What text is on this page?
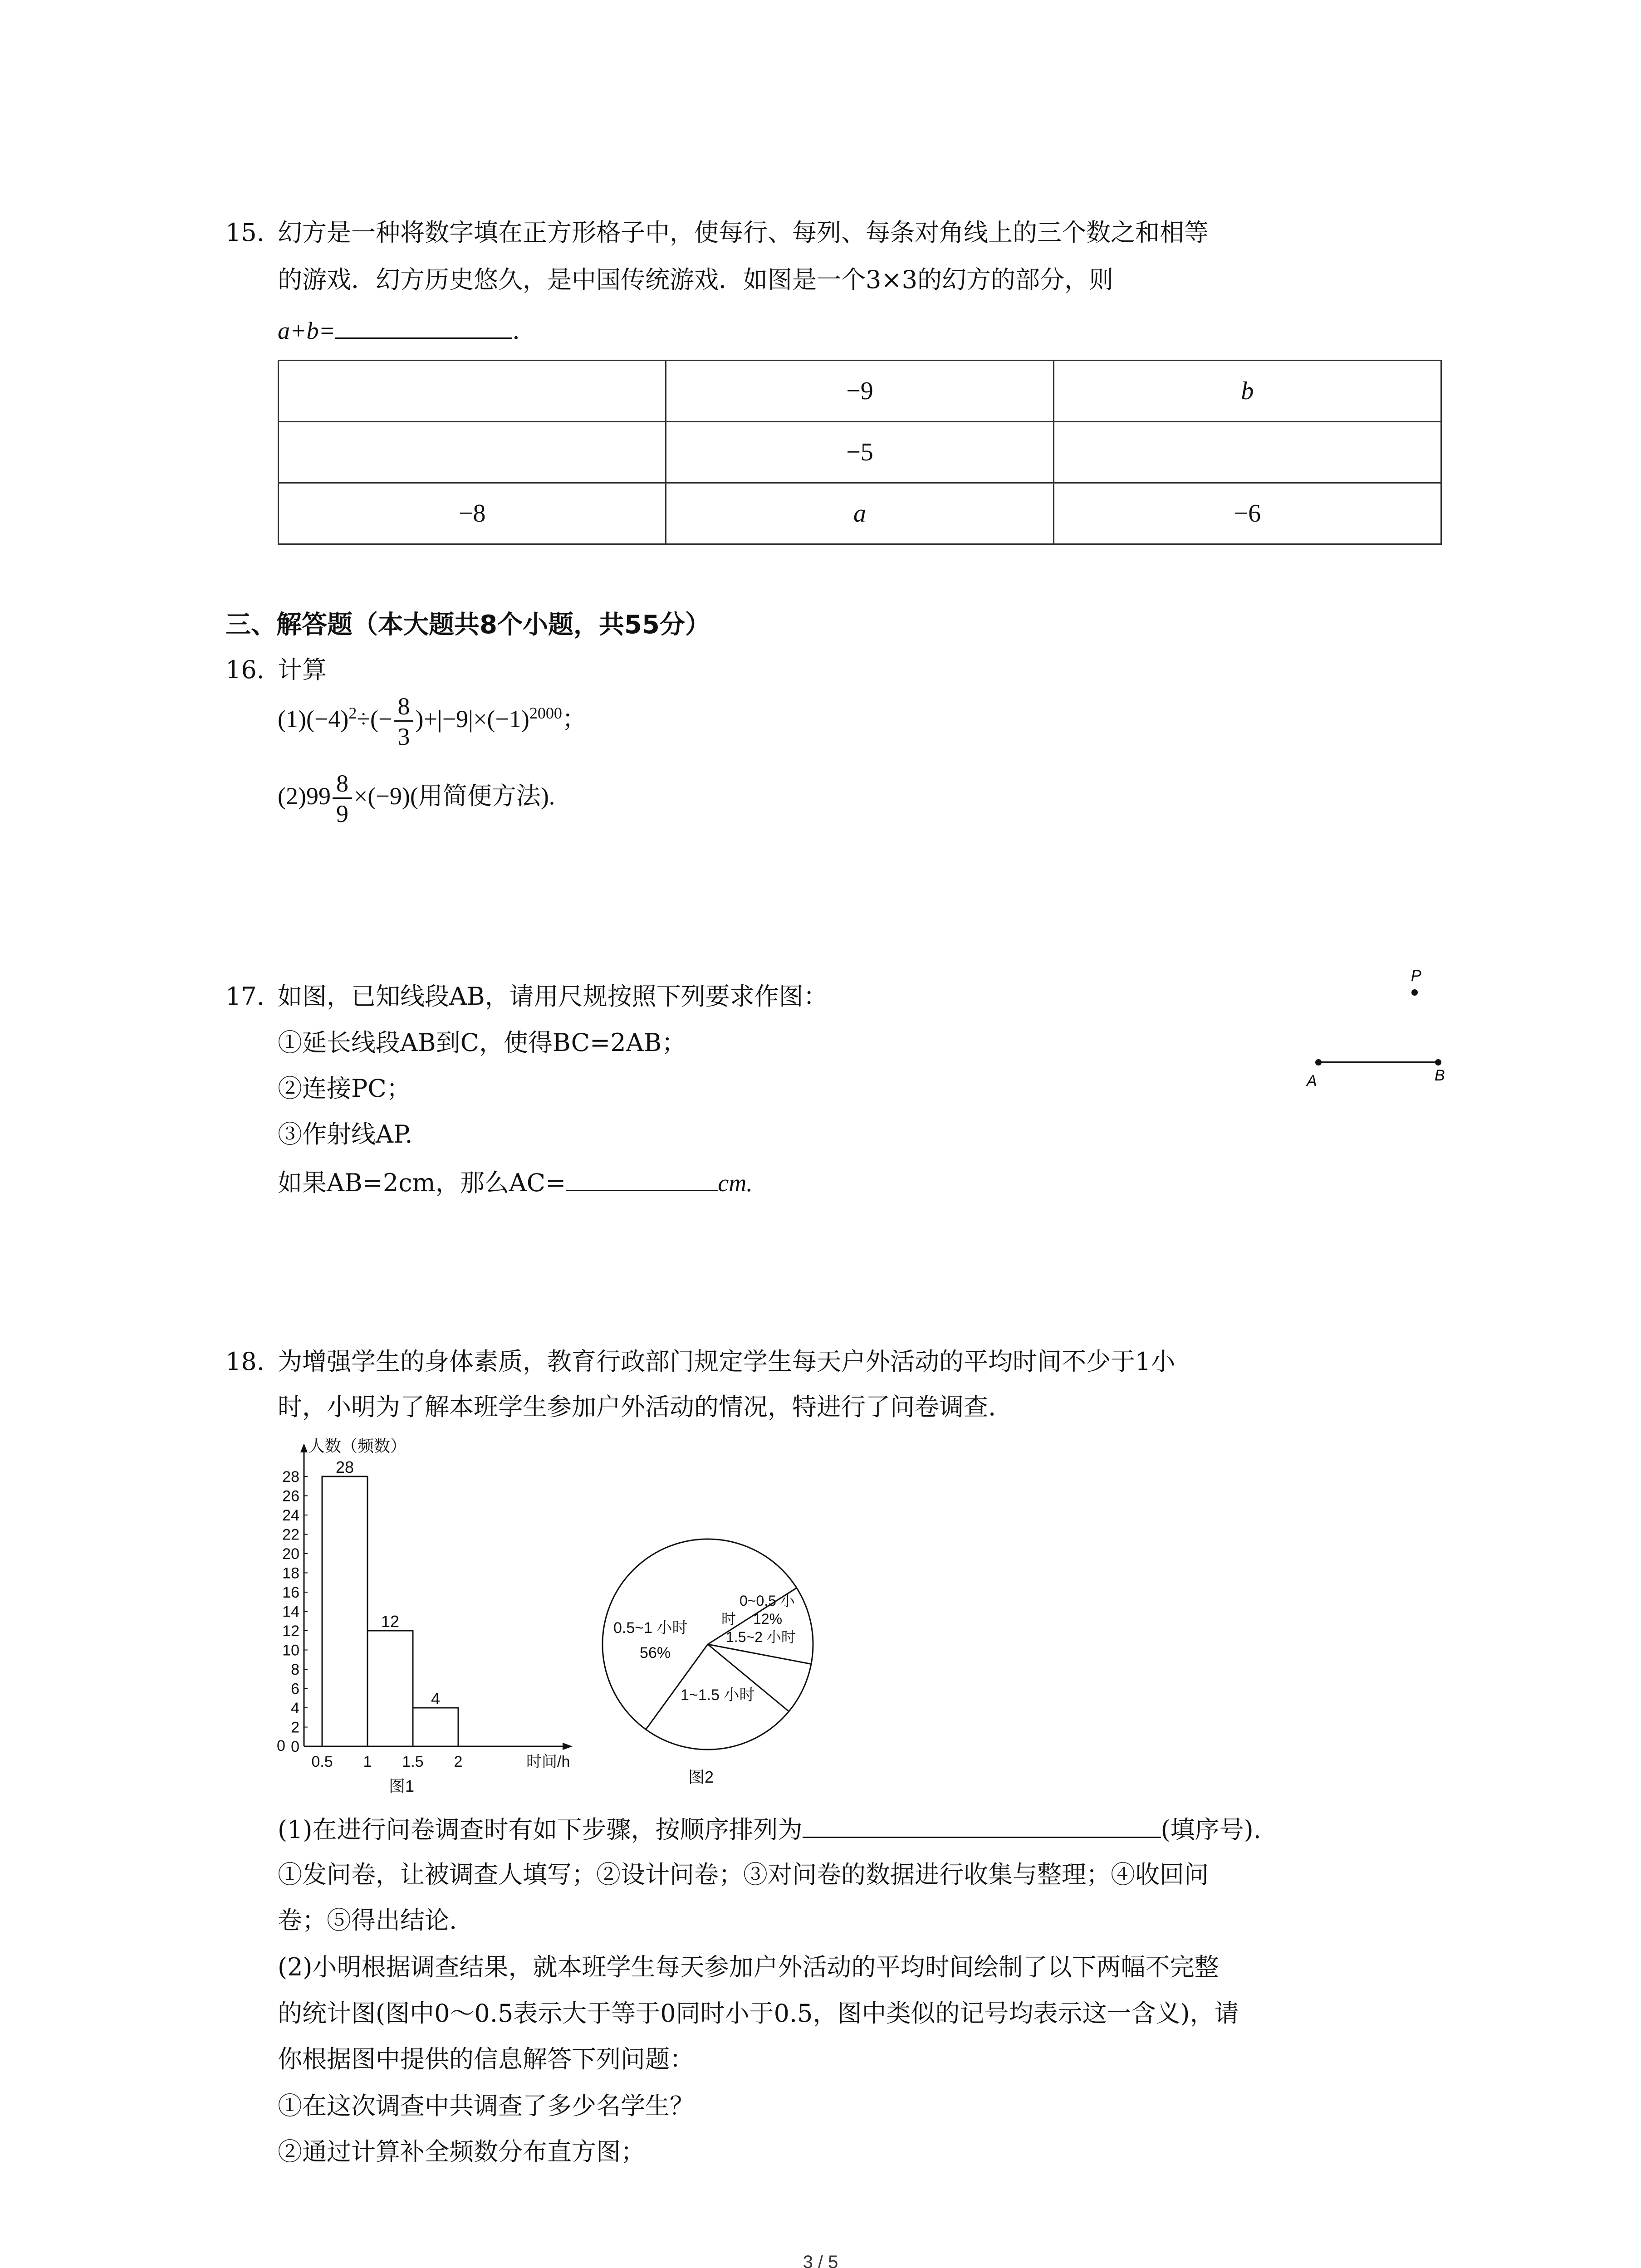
15. 幻方是一种将数字填在正方形格子中，使每行、每列、每条对角线上的三个数之和相等
的游戏．幻方历史悠久，是中国传统游戏．如图是一个3×3的幻方的部分，则
a+b=	.
	−9	b
	−5	
−8	a	−6
三、解答题（本大题共8个小题，共55分）
16. 计算
$(1)(-4)^2\div(- \frac{8}{3} )+|-9|\times(-1)^{2000}$；
$(2)99 \frac{8}{9} \times(-9)$(用简便方法).
17. 如图，已知线段AB，请用尺规按照下列要求作图：
①延长线段AB到C，使得BC=2AB；
②连接PC；
③作射线AP.
如果AB=2cm，那么AC=	cm.
P
A	B
18. 为增强学生的身体素质，教育行政部门规定学生每天户外活动的平均时间不少于1小
时，小明为了解本班学生参加户外活动的情况，特进行了问卷调查.
0
2
4
6
8
10
12
14
16
18
20
22
24
26
28
28
12
4
0.5 1 1.5 2
0
人数（频数）
时间/h
图1
0.5~1 小时
56%
0~0.5 小
时 12%
1.5~2 小时
1~1.5 小时
图2
(1)在进行问卷调查时有如下步骤，按顺序排列为	(填序号).
①发问卷，让被调查人填写；②设计问卷；③对问卷的数据进行收集与整理；④收回问
卷；⑤得出结论.
(2)小明根据调查结果，就本班学生每天参加户外活动的平均时间绘制了以下两幅不完整
的统计图(图中0～0.5表示大于等于0同时小于0.5，图中类似的记号均表示这一含义)，请
你根据图中提供的信息解答下列问题：
①在这次调查中共调查了多少名学生？
②通过计算补全频数分布直方图；
3 / 5
